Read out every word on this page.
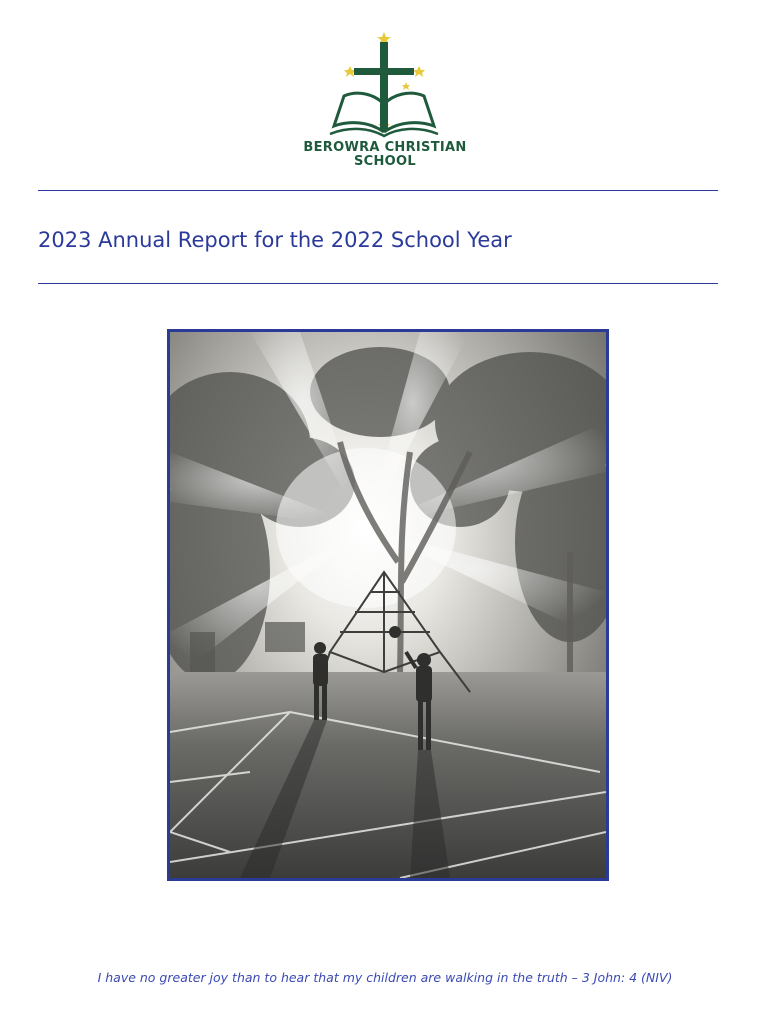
BEROWRA CHRISTIAN
SCHOOL
2023 Annual Report for the 2022 School Year
I have no greater joy than to hear that my children are walking in the truth – 3 John: 4 (NIV)
